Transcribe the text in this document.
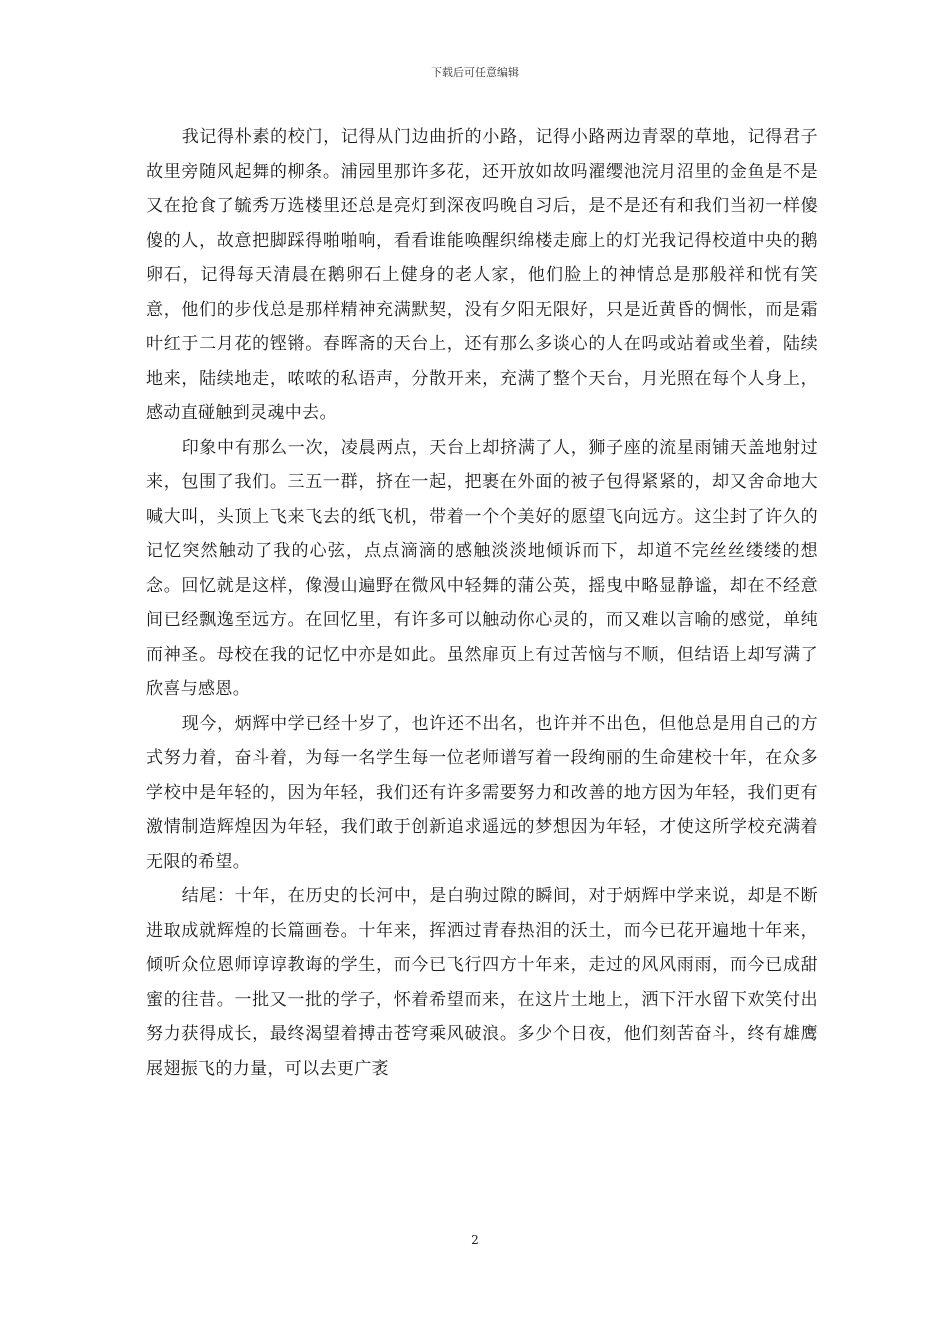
下载后可任意编辑

我记得朴素的校门，记得从门边曲折的小路，记得小路两边青翠的草地，记得君子故里旁随风起舞的柳条。浦园里那许多花，还开放如故吗濯缨池浣月沼里的金鱼是不是又在抢食了毓秀万选楼里还总是亮灯到深夜吗晚自习后，是不是还有和我们当初一样傻傻的人，故意把脚踩得啪啪响，看看谁能唤醒织绵楼走廊上的灯光我记得校道中央的鹅卵石，记得每天清晨在鹅卵石上健身的老人家，他们脸上的神情总是那般祥和恍有笑意，他们的步伐总是那样精神充满默契，没有夕阳无限好，只是近黄昏的惆怅，而是霜叶红于二月花的铿锵。春晖斋的天台上，还有那么多谈心的人在吗或站着或坐着，陆续地来，陆续地走，哝哝的私语声，分散开来，充满了整个天台，月光照在每个人身上，感动直碰触到灵魂中去。

印象中有那么一次，凌晨两点，天台上却挤满了人，狮子座的流星雨铺天盖地射过来，包围了我们。三五一群，挤在一起，把裹在外面的被子包得紧紧的，却又舍命地大喊大叫，头顶上飞来飞去的纸飞机，带着一个个美好的愿望飞向远方。这尘封了许久的记忆突然触动了我的心弦，点点滴滴的感触淡淡地倾诉而下，却道不完丝丝缕缕的想念。回忆就是这样，像漫山遍野在微风中轻舞的蒲公英，摇曳中略显静谧，却在不经意间已经飘逸至远方。在回忆里，有许多可以触动你心灵的，而又难以言喻的感觉，单纯而神圣。母校在我的记忆中亦是如此。虽然扉页上有过苦恼与不顺，但结语上却写满了欣喜与感恩。

现今，炳辉中学已经十岁了，也许还不出名，也许并不出色，但他总是用自己的方式努力着，奋斗着，为每一名学生每一位老师谱写着一段绚丽的生命建校十年，在众多学校中是年轻的，因为年轻，我们还有许多需要努力和改善的地方因为年轻，我们更有激情制造辉煌因为年轻，我们敢于创新追求遥远的梦想因为年轻，才使这所学校充满着无限的希望。

结尾：十年，在历史的长河中，是白驹过隙的瞬间，对于炳辉中学来说，却是不断进取成就辉煌的长篇画卷。十年来，挥洒过青春热泪的沃土，而今已花开遍地十年来，倾听众位恩师谆谆教诲的学生，而今已飞行四方十年来，走过的风风雨雨，而今已成甜蜜的往昔。一批又一批的学子，怀着希望而来，在这片土地上，洒下汗水留下欢笑付出努力获得成长，最终渴望着搏击苍穹乘风破浪。多少个日夜，他们刻苦奋斗，终有雄鹰展翅振飞的力量，可以去更广袤

2
